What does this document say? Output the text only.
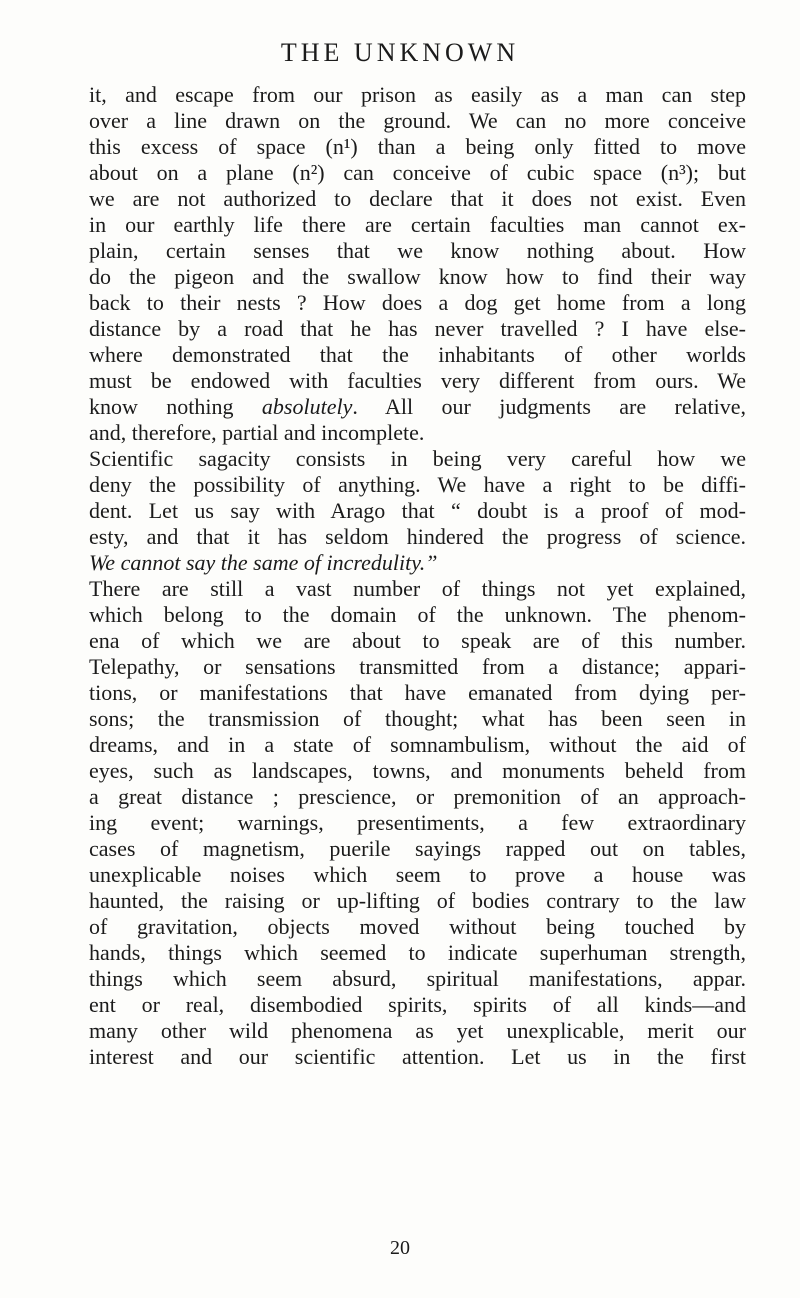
THE UNKNOWN
it, and escape from our prison as easily as a man can step
over a line drawn on the ground. We can no more conceive
this excess of space (n¹) than a being only fitted to move
about on a plane (n²) can conceive of cubic space (n³); but
we are not authorized to declare that it does not exist. Even
in our earthly life there are certain faculties man cannot ex-
plain, certain senses that we know nothing about. How
do the pigeon and the swallow know how to find their way
back to their nests ? How does a dog get home from a long
distance by a road that he has never travelled ? I have else-
where demonstrated that the inhabitants of other worlds
must be endowed with faculties very different from ours. We
know nothing absolutely. All our judgments are relative,
and, therefore, partial and incomplete.
Scientific sagacity consists in being very careful how we
deny the possibility of anything. We have a right to be diffi-
dent. Let us say with Arago that “ doubt is a proof of mod-
esty, and that it has seldom hindered the progress of science.
We cannot say the same of incredulity.”
There are still a vast number of things not yet explained,
which belong to the domain of the unknown. The phenom-
ena of which we are about to speak are of this number.
Telepathy, or sensations transmitted from a distance; appari-
tions, or manifestations that have emanated from dying per-
sons; the transmission of thought; what has been seen in
dreams, and in a state of somnambulism, without the aid of
eyes, such as landscapes, towns, and monuments beheld from
a great distance ; prescience, or premonition of an approach-
ing event; warnings, presentiments, a few extraordinary
cases of magnetism, puerile sayings rapped out on tables,
unexplicable noises which seem to prove a house was
haunted, the raising or up-lifting of bodies contrary to the law
of gravitation, objects moved without being touched by
hands, things which seemed to indicate superhuman strength,
things which seem absurd, spiritual manifestations, appar.
ent or real, disembodied spirits, spirits of all kinds—and
many other wild phenomena as yet unexplicable, merit our
interest and our scientific attention. Let us in the first
20
